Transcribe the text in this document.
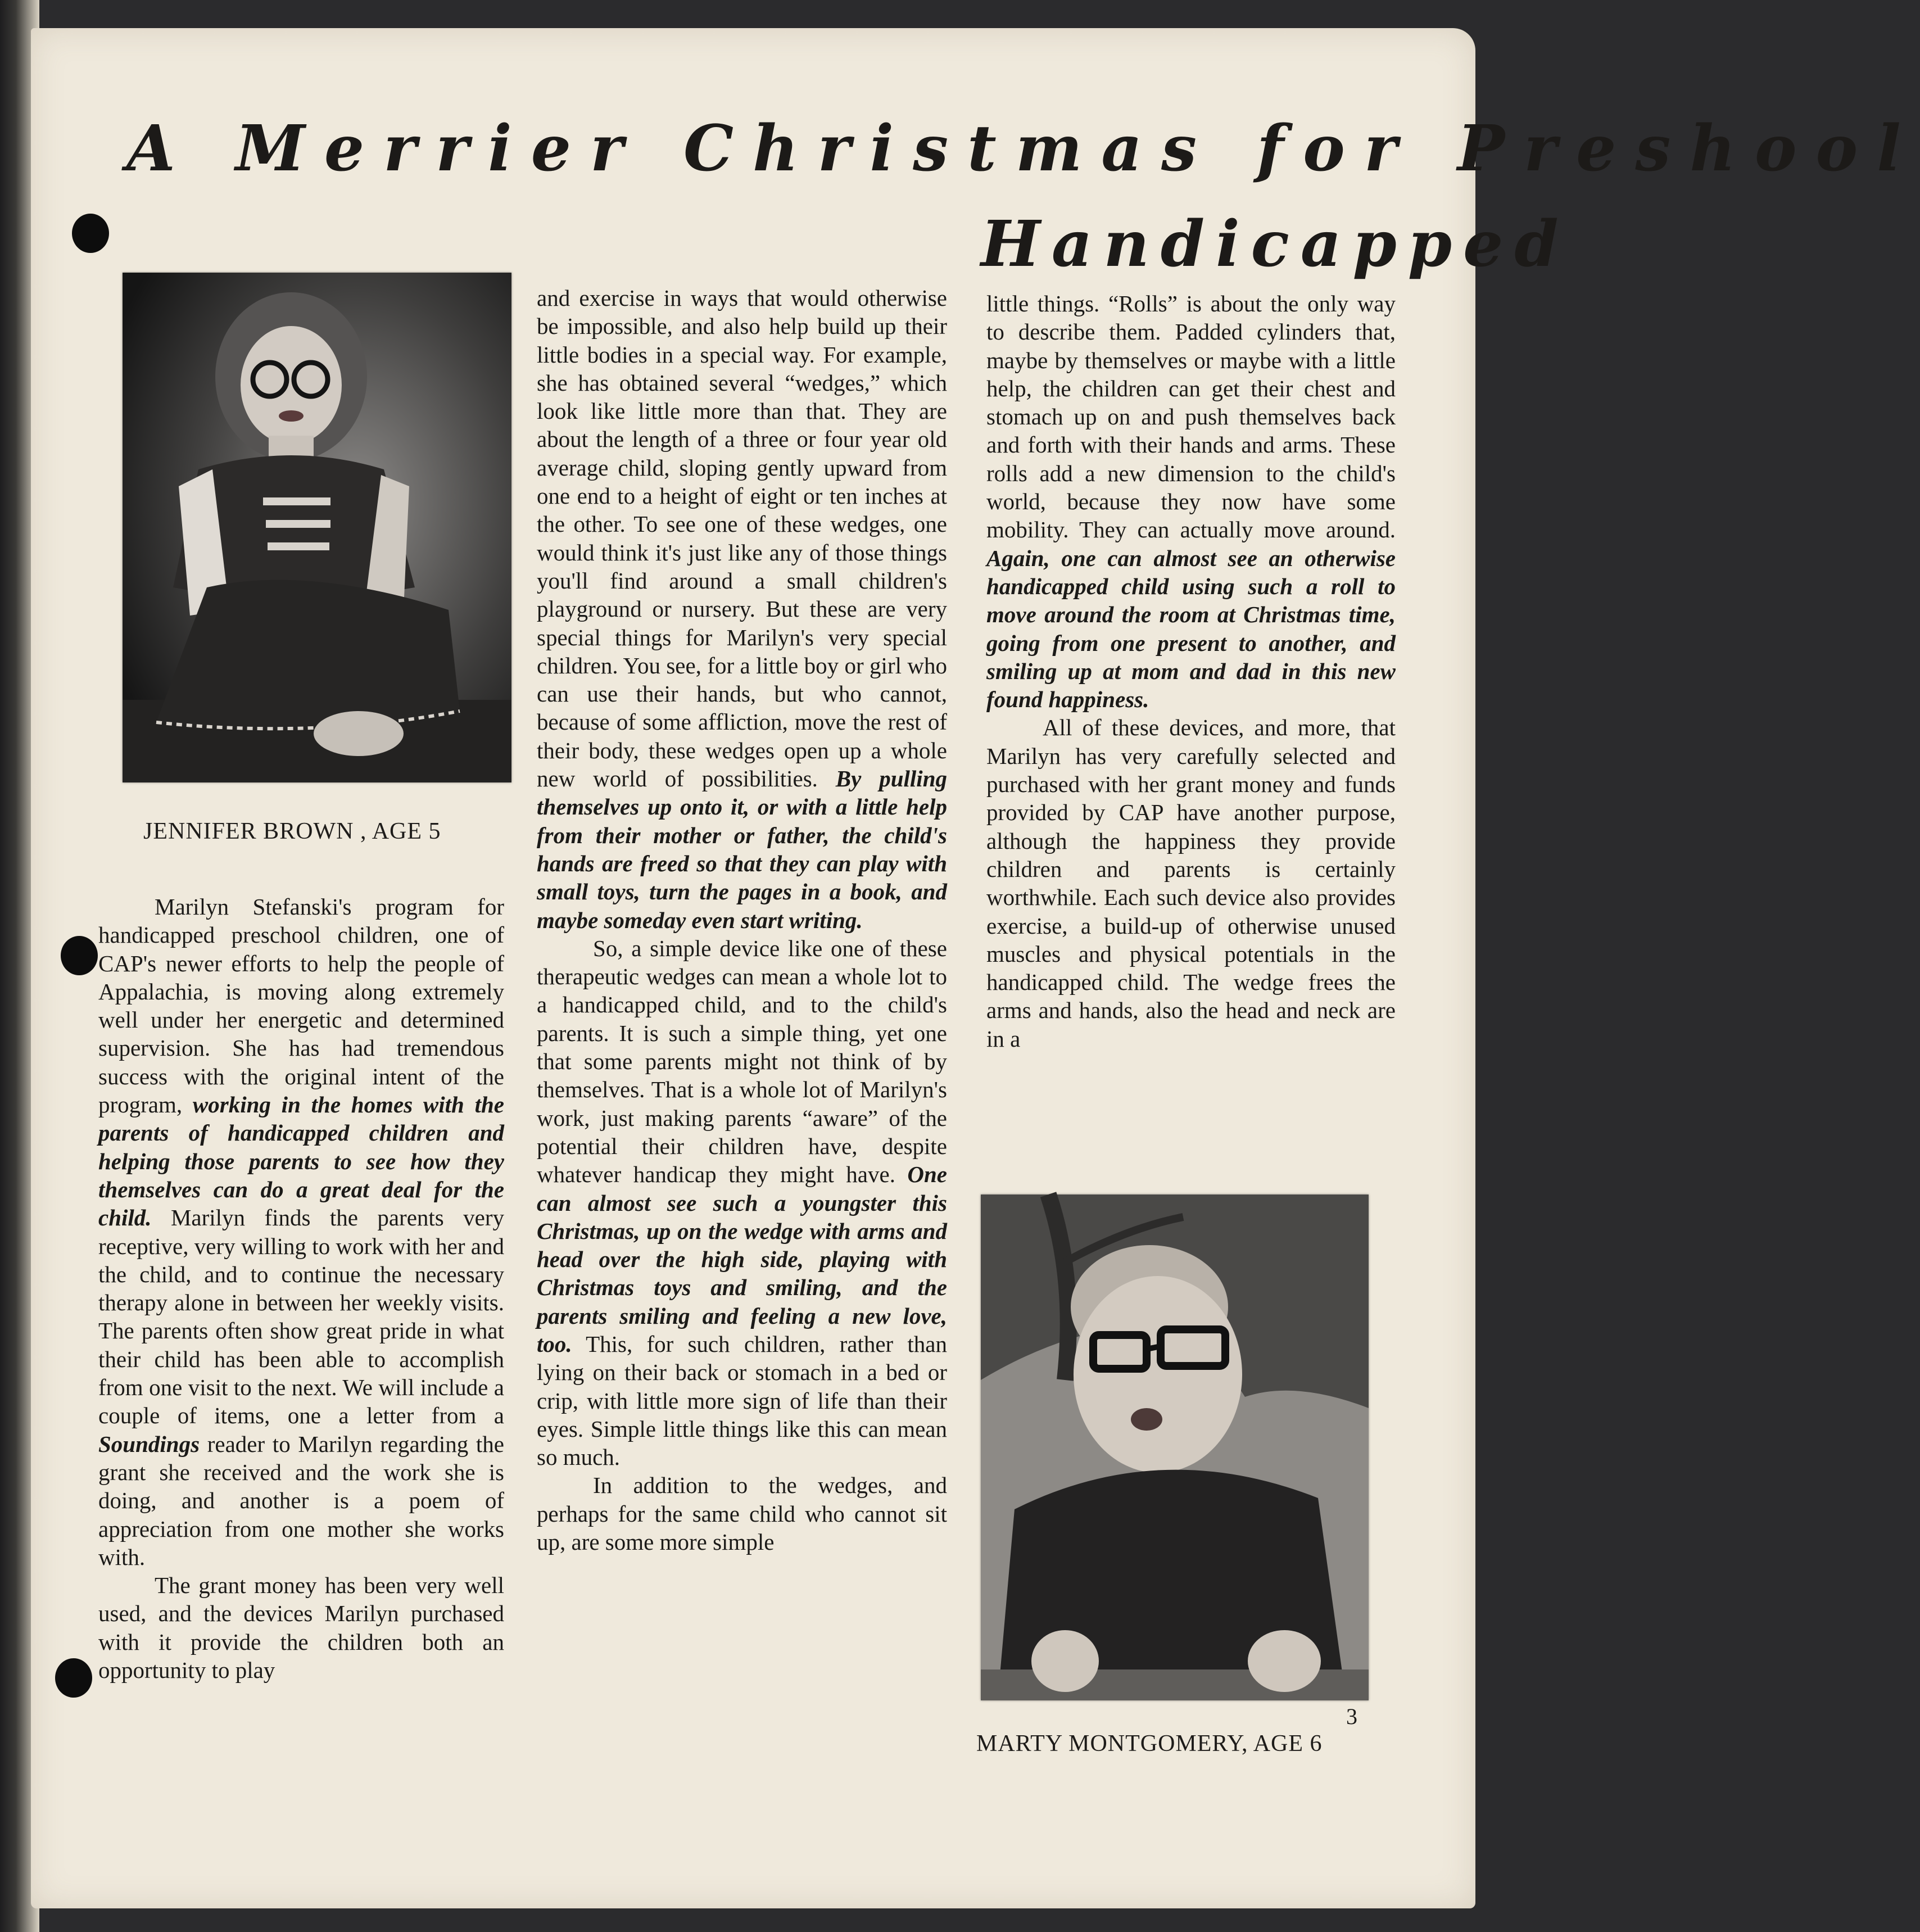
A Merrier Christmas for Preshool
Handicapped
JENNIFER BROWN , AGE 5

Marilyn Stefanski's program for handicapped preschool children, one of CAP's newer efforts to help the people of Appalachia, is moving along extremely well under her energetic and determined supervision. She has had tremendous success with the original intent of the program, working in the homes with the parents of handicapped children and helping those parents to see how they themselves can do a great deal for the child. Marilyn finds the parents very receptive, very willing to work with her and the child, and to continue the necessary therapy alone in between her weekly visits. The parents often show great pride in what their child has been able to accomplish from one visit to the next. We will include a couple of items, one a letter from a Soundings reader to Marilyn regarding the grant she received and the work she is doing, and another is a poem of appreciation from one mother she works with.

The grant money has been very well used, and the devices Marilyn purchased with it provide the children both an opportunity to play

and exercise in ways that would otherwise be impossible, and also help build up their little bodies in a special way. For example, she has obtained several “wedges,” which look like little more than that. They are about the length of a three or four year old average child, sloping gently upward from one end to a height of eight or ten inches at the other. To see one of these wedges, one would think it's just like any of those things you'll find around a small children's playground or nursery. But these are very special things for Marilyn's very special children. You see, for a little boy or girl who can use their hands, but who cannot, because of some affliction, move the rest of their body, these wedges open up a whole new world of possibilities. By pulling themselves up onto it, or with a little help from their mother or father, the child's hands are freed so that they can play with small toys, turn the pages in a book, and maybe someday even start writing.

So, a simple device like one of these therapeutic wedges can mean a whole lot to a handicapped child, and to the child's parents. It is such a simple thing, yet one that some parents might not think of by themselves. That is a whole lot of Marilyn's work, just making parents “aware” of the potential their children have, despite whatever handicap they might have. One can almost see such a youngster this Christmas, up on the wedge with arms and head over the high side, playing with Christmas toys and smiling, and the parents smiling and feeling a new love, too. This, for such children, rather than lying on their back or stomach in a bed or crip, with little more sign of life than their eyes. Simple little things like this can mean so much.

In addition to the wedges, and perhaps for the same child who cannot sit up, are some more simple

little things. “Rolls” is about the only way to describe them. Padded cylinders that, maybe by themselves or maybe with a little help, the children can get their chest and stomach up on and push themselves back and forth with their hands and arms. These rolls add a new dimension to the child's world, because they now have some mobility. They can actually move around. Again, one can almost see an otherwise handicapped child using such a roll to move around the room at Christmas time, going from one present to another, and smiling up at mom and dad in this new found happiness.

All of these devices, and more, that Marilyn has very carefully selected and purchased with her grant money and funds provided by CAP have another purpose, although the happiness they provide children and parents is certainly worthwhile. Each such device also provides exercise, a build-up of otherwise unused muscles and physical potentials in the handicapped child. The wedge frees the arms and hands, also the head and neck are in a

MARTY MONTGOMERY, AGE 6
3
